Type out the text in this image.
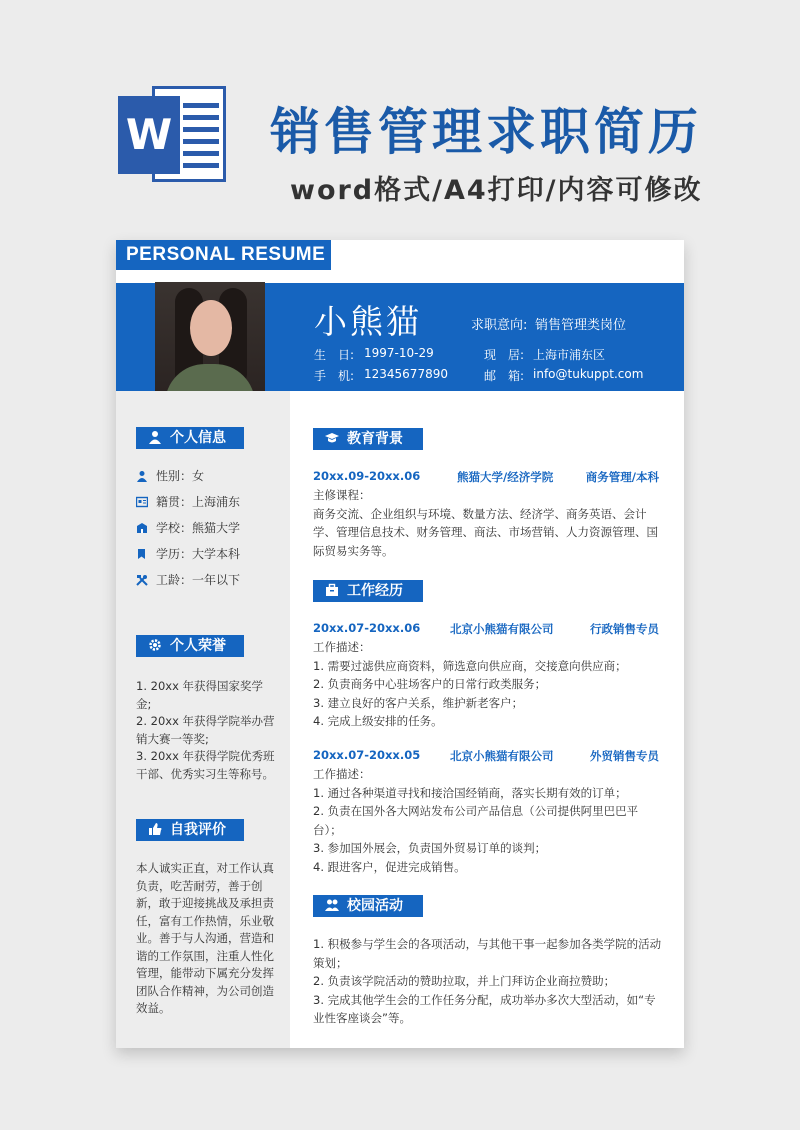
W 销售管理求职简历
word格式/A4打印/内容可修改
PERSONAL RESUME
小熊猫	求职意向: 销售管理类岗位
生　日: 1997-10-29
手　机: 12345677890
现　居: 上海市浦东区
邮　箱: info@tukuppt.com
个人信息
性别：女
籍贯：上海浦东
学校：熊猫大学
学历：大学本科
工龄：一年以下
个人荣誉
1. 20xx 年获得国家奖学金;
2. 20xx 年获得学院举办营销大赛一等奖;
3. 20xx 年获得学院优秀班干部、优秀实习生等称号。
自我评价
本人诚实正直，对工作认真负责，吃苦耐劳，善于创新，敢于迎接挑战及承担责任，富有工作热情，乐业敬业。善于与人沟通，营造和谐的工作氛围，注重人性化管理，能带动下属充分发挥团队合作精神，为公司创造效益。
教育背景
20xx.09-20xx.06	熊猫大学/经济学院	商务管理/本科
主修课程：
商务交流、企业组织与环境、数量方法、经济学、商务英语、会计学、管理信息技术、财务管理、商法、市场营销、人力资源管理、国际贸易实务等。
工作经历
20xx.07-20xx.06	北京小熊猫有限公司	行政销售专员
工作描述：
1. 需要过滤供应商资料，筛选意向供应商，交接意向供应商；
2. 负责商务中心驻场客户的日常行政类服务；
3. 建立良好的客户关系，维护新老客户；
4. 完成上级安排的任务。
20xx.07-20xx.05	北京小熊猫有限公司	外贸销售专员
工作描述：
1. 通过各种渠道寻找和接洽国经销商，落实长期有效的订单；
2. 负责在国外各大网站发布公司产品信息（公司提供阿里巴巴平台）；
3. 参加国外展会，负责国外贸易订单的谈判；
4. 跟进客户，促进完成销售。
校园活动
1. 积极参与学生会的各项活动，与其他干事一起参加各类学院的活动策划；
2. 负责该学院活动的赞助拉取，并上门拜访企业商拉赞助；
3. 完成其他学生会的工作任务分配，成功举办多次大型活动，如“专业性客座谈会”等。
